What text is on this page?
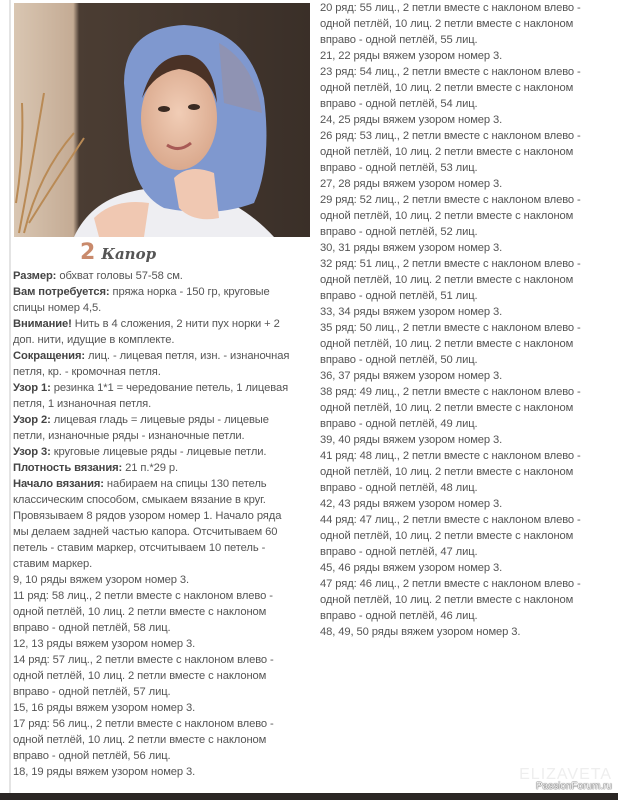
2 Капор
Размер: обхват головы 57-58 см.
Вам потребуется: пряжа норка - 150 гр, круговые
спицы номер 4,5.
Внимание! Нить в 4 сложения, 2 нити пух норки + 2
доп. нити, идущие в комплекте.
Сокращения: лиц. - лицевая петля, изн. - изнаночная
петля, кр. - кромочная петля.
Узор 1: резинка 1*1 = чередование петель, 1 лицевая
петля, 1 изнаночная петля.
Узор 2: лицевая гладь = лицевые ряды - лицевые
петли, изнаночные ряды - изнаночные петли.
Узор 3: круговые лицевые ряды - лицевые петли.
Плотность вязания: 21 п.*29 р.
Начало вязания: набираем на спицы 130 петель
классическим способом, смыкаем вязание в круг.
Провязываем 8 рядов узором номер 1. Начало ряда
мы делаем задней частью капора. Отсчитываем 60
петель - ставим маркер, отсчитываем 10 петель -
ставим маркер.
9, 10 ряды вяжем узором номер 3.
11 ряд: 58 лиц., 2 петли вместе с наклоном влево -
одной петлёй, 10 лиц. 2 петли вместе с наклоном
вправо - одной петлёй, 58 лиц.
12, 13 ряды вяжем узором номер 3.
14 ряд: 57 лиц., 2 петли вместе с наклоном влево -
одной петлёй, 10 лиц. 2 петли вместе с наклоном
вправо - одной петлёй, 57 лиц.
15, 16 ряды вяжем узором номер 3.
17 ряд: 56 лиц., 2 петли вместе с наклоном влево -
одной петлёй, 10 лиц. 2 петли вместе с наклоном
вправо - одной петлёй, 56 лиц.
18, 19 ряды вяжем узором номер 3.
20 ряд: 55 лиц., 2 петли вместе с наклоном влево -
одной петлёй, 10 лиц. 2 петли вместе с наклоном
вправо - одной петлёй, 55 лиц.
21, 22 ряды вяжем узором номер 3.
23 ряд: 54 лиц., 2 петли вместе с наклоном влево -
одной петлёй, 10 лиц. 2 петли вместе с наклоном
вправо - одной петлёй, 54 лиц.
24, 25 ряды вяжем узором номер 3.
26 ряд: 53 лиц., 2 петли вместе с наклоном влево -
одной петлёй, 10 лиц. 2 петли вместе с наклоном
вправо - одной петлёй, 53 лиц.
27, 28 ряды вяжем узором номер 3.
29 ряд: 52 лиц., 2 петли вместе с наклоном влево -
одной петлёй, 10 лиц. 2 петли вместе с наклоном
вправо - одной петлёй, 52 лиц.
30, 31 ряды вяжем узором номер 3.
32 ряд: 51 лиц., 2 петли вместе с наклоном влево -
одной петлёй, 10 лиц. 2 петли вместе с наклоном
вправо - одной петлёй, 51 лиц.
33, 34 ряды вяжем узором номер 3.
35 ряд: 50 лиц., 2 петли вместе с наклоном влево -
одной петлёй, 10 лиц. 2 петли вместе с наклоном
вправо - одной петлёй, 50 лиц.
36, 37 ряды вяжем узором номер 3.
38 ряд: 49 лиц., 2 петли вместе с наклоном влево -
одной петлёй, 10 лиц. 2 петли вместе с наклоном
вправо - одной петлёй, 49 лиц.
39, 40 ряды вяжем узором номер 3.
41 ряд: 48 лиц., 2 петли вместе с наклоном влево -
одной петлёй, 10 лиц. 2 петли вместе с наклоном
вправо - одной петлёй, 48 лиц.
42, 43 ряды вяжем узором номер 3.
44 ряд: 47 лиц., 2 петли вместе с наклоном влево -
одной петлёй, 10 лиц. 2 петли вместе с наклоном
вправо - одной петлёй, 47 лиц.
45, 46 ряды вяжем узором номер 3.
47 ряд: 46 лиц., 2 петли вместе с наклоном влево -
одной петлёй, 10 лиц. 2 петли вместе с наклоном
вправо - одной петлёй, 46 лиц.
48, 49, 50 ряды вяжем узором номер 3.
ELIZAVETA
PassionForum.ru
